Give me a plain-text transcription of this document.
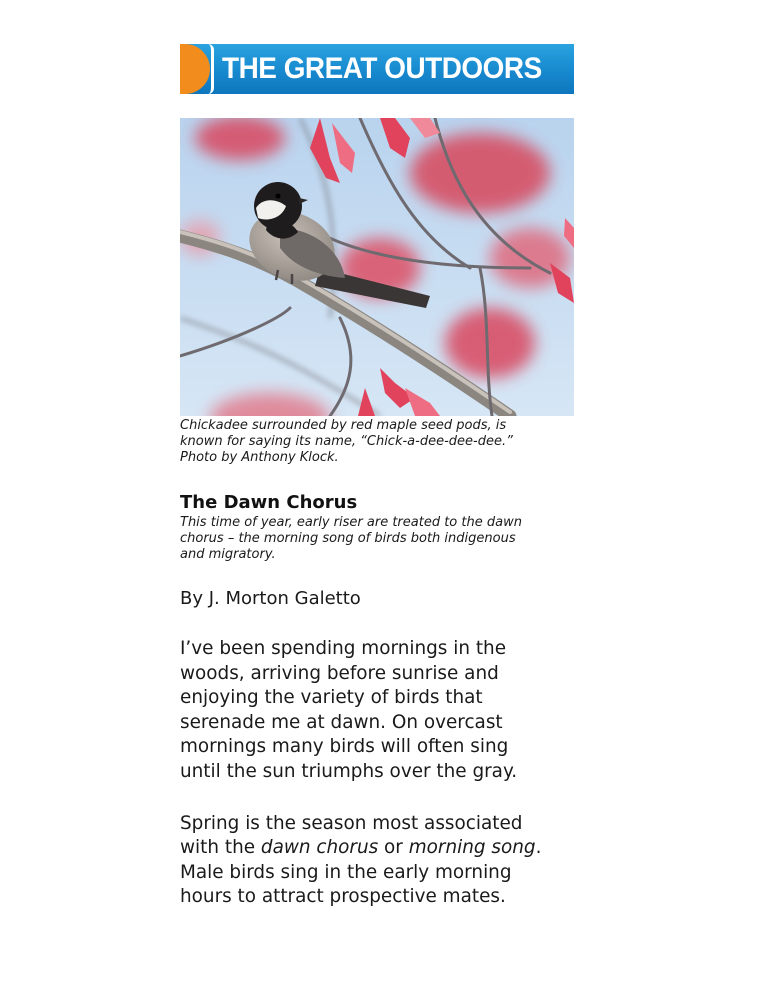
THE GREAT OUTDOORS
Chickadee surrounded by red maple seed pods, is
known for saying its name, “Chick-a-dee-dee-dee.”
Photo by Anthony Klock.
The Dawn Chorus
This time of year, early riser are treated to the dawn
chorus – the morning song of birds both indigenous
and migratory.
By J. Morton Galetto
I’ve been spending mornings in the
woods, arriving before sunrise and
enjoying the variety of birds that
serenade me at dawn. On overcast
mornings many birds will often sing
until the sun triumphs over the gray.
Spring is the season most associated
with the dawn chorus or morning song.
Male birds sing in the early morning
hours to attract prospective mates.
